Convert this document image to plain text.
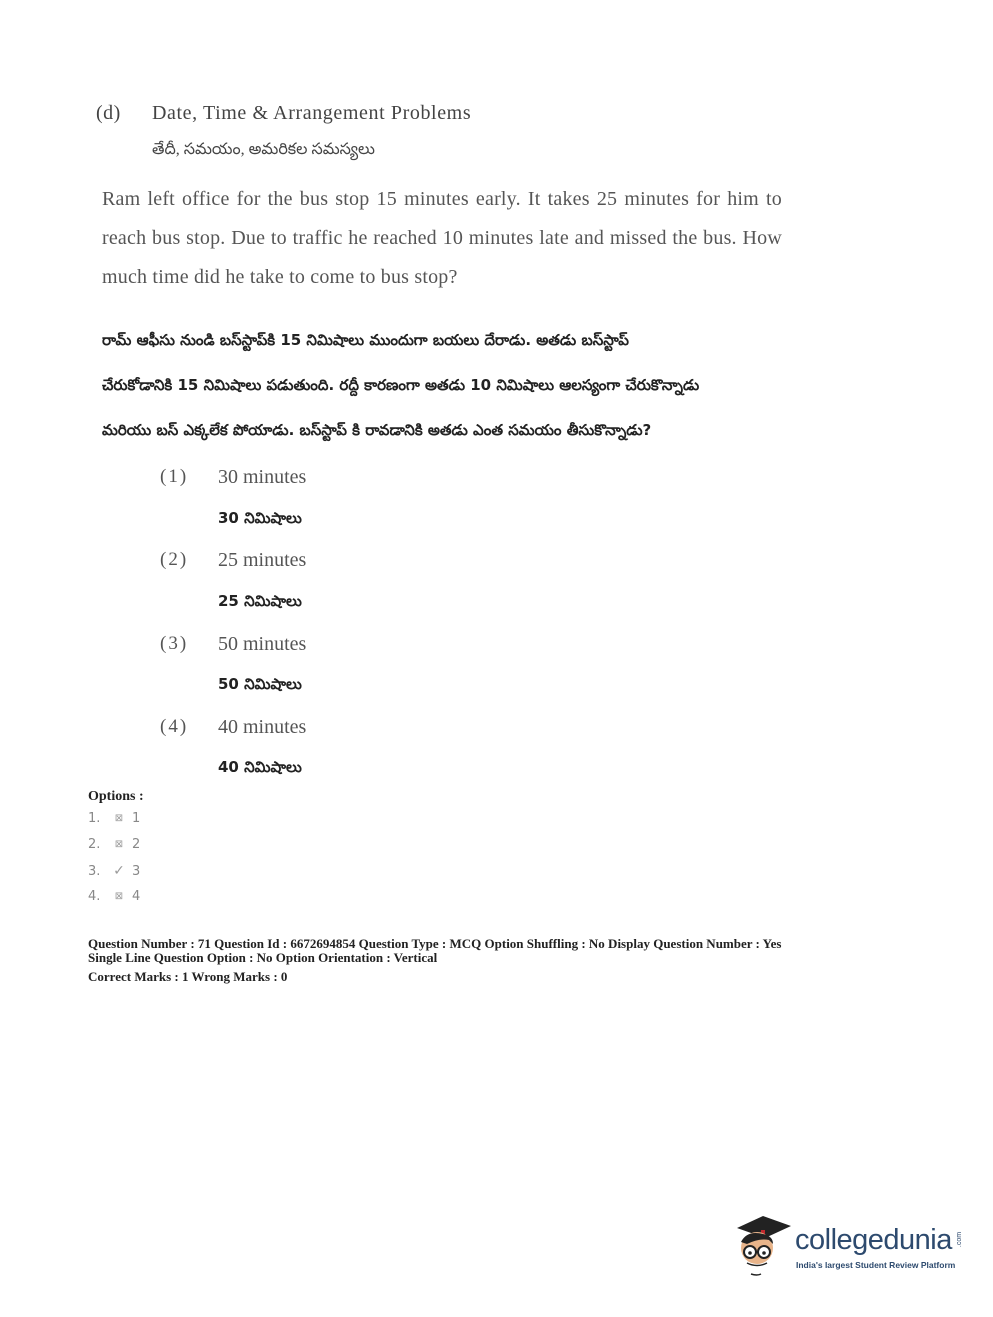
(d) Date, Time & Arrangement Problems
తేదీ, సమయం, అమరికల సమస్యలు
Ram left office for the bus stop 15 minutes early. It takes 25 minutes for him to reach bus stop. Due to traffic he reached 10 minutes late and missed the bus. How much time did he take to come to bus stop?
రామ్ ఆఫీసు నుండి బస్‌స్టాప్‌కి 15 నిమిషాలు ముందుగా బయలు దేరాడు. అతడు బస్‌స్టాప్
చేరుకోడానికి 15 నిమిషాలు పడుతుంది. రద్దీ కారణంగా అతడు 10 నిమిషాలు ఆలస్యంగా చేరుకొన్నాడు
మరియు బస్ ఎక్కలేక పోయాడు. బస్‌స్టాప్ కి రావడానికి అతడు ఎంత సమయం తీసుకొన్నాడు?
(1) 30 minutes
30 నిమిషాలు
(2) 25 minutes
25 నిమిషాలు
(3) 50 minutes
50 నిమిషాలు
(4) 40 minutes
40 నిమిషాలు
Options :
1.	⊠ 1
2.	⊠ 2
3. ✓ 3
4.	⊠ 4
Question Number : 71 Question Id : 6672694854 Question Type : MCQ Option Shuffling : No Display Question Number : Yes
Single Line Question Option : No Option Orientation : Vertical
Correct Marks : 1 Wrong Marks : 0
collegedunia .com
India's largest Student Review Platform
